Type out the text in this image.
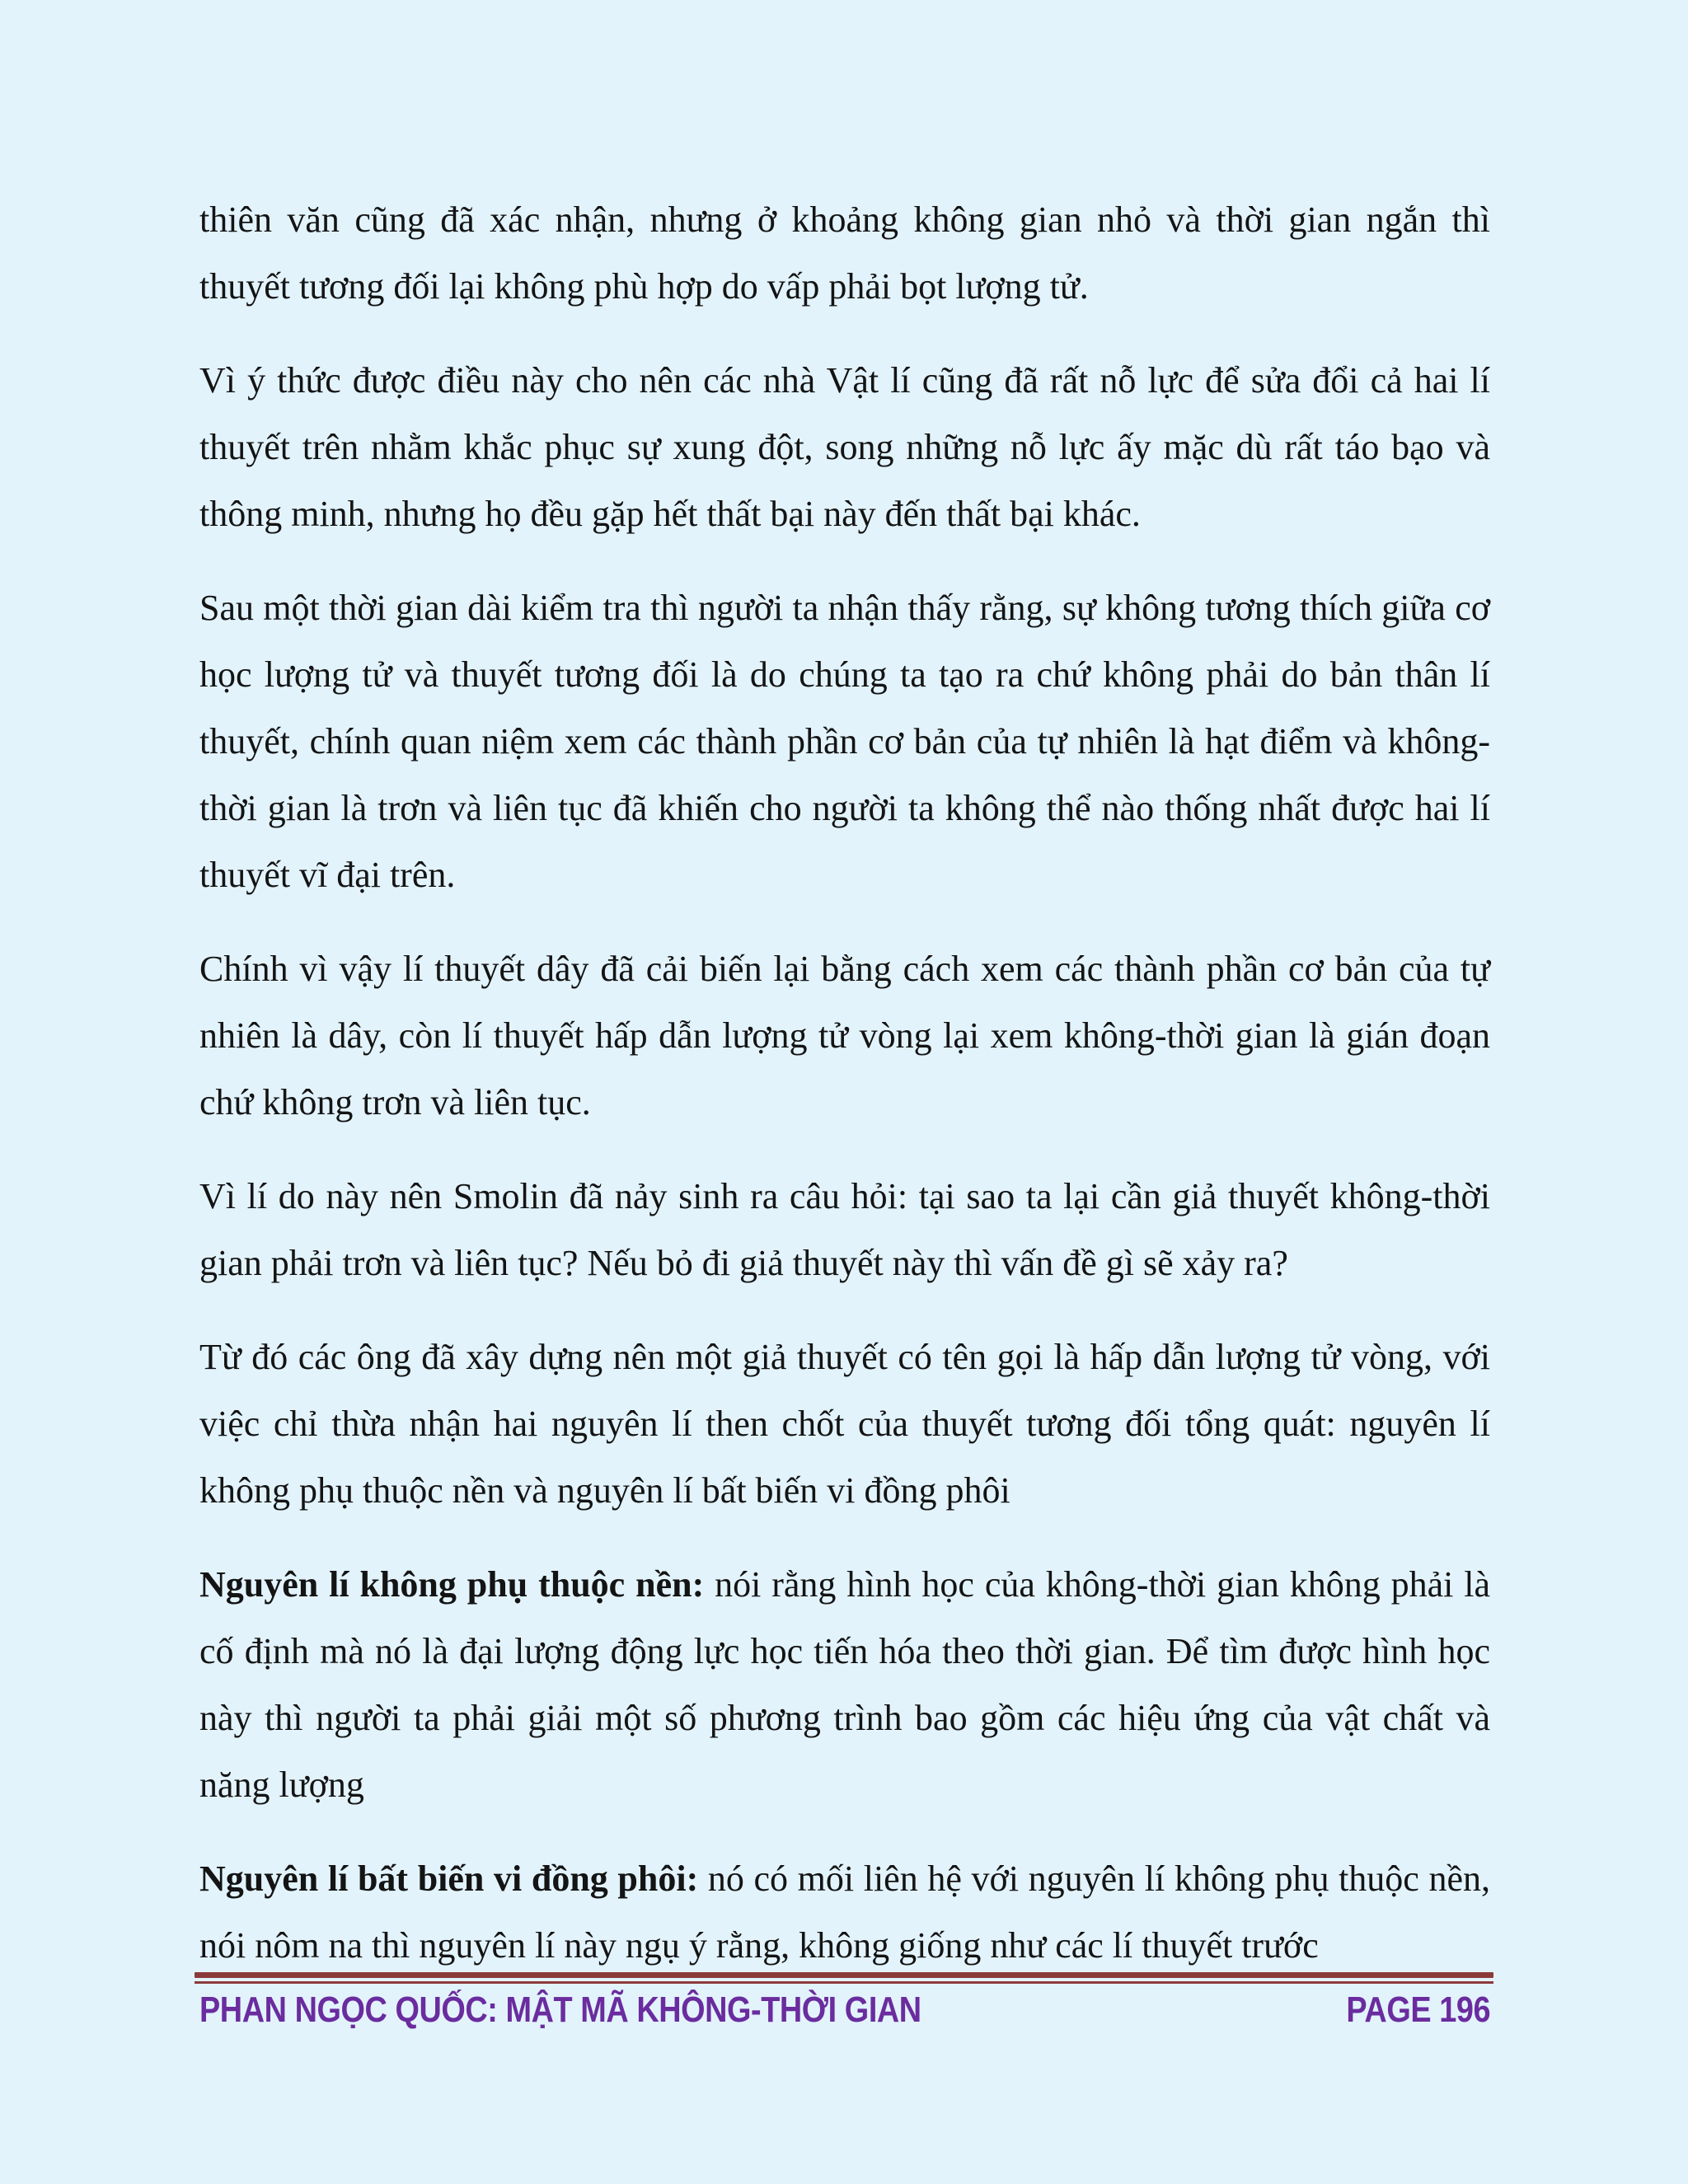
thiên văn cũng đã xác nhận, nhưng ở khoảng không gian nhỏ và thời gian ngắn thì thuyết tương đối lại không phù hợp do vấp phải bọt lượng tử.

Vì ý thức được điều này cho nên các nhà Vật lí cũng đã rất nỗ lực để sửa đổi cả hai lí thuyết trên nhằm khắc phục sự xung đột, song những nỗ lực ấy mặc dù rất táo bạo và thông minh, nhưng họ đều gặp hết thất bại này đến thất bại khác.

Sau một thời gian dài kiểm tra thì người ta nhận thấy rằng, sự không tương thích giữa cơ học lượng tử và thuyết tương đối là do chúng ta tạo ra chứ không phải do bản thân lí thuyết, chính quan niệm xem các thành phần cơ bản của tự nhiên là hạt điểm và không-thời gian là trơn và liên tục đã khiến cho người ta không thể nào thống nhất được hai lí thuyết vĩ đại trên.

Chính vì vậy lí thuyết dây đã cải biến lại bằng cách xem các thành phần cơ bản của tự nhiên là dây, còn lí thuyết hấp dẫn lượng tử vòng lại xem không-thời gian là gián đoạn chứ không trơn và liên tục.

Vì lí do này nên Smolin đã nảy sinh ra câu hỏi: tại sao ta lại cần giả thuyết không-thời gian phải trơn và liên tục? Nếu bỏ đi giả thuyết này thì vấn đề gì sẽ xảy ra?

Từ đó các ông đã xây dựng nên một giả thuyết có tên gọi là hấp dẫn lượng tử vòng, với việc chỉ thừa nhận hai nguyên lí then chốt của thuyết tương đối tổng quát: nguyên lí không phụ thuộc nền và nguyên lí bất biến vi đồng phôi

Nguyên lí không phụ thuộc nền: nói rằng hình học của không-thời gian không phải là cố định mà nó là đại lượng động lực học tiến hóa theo thời gian. Để tìm được hình học này thì người ta phải giải một số phương trình bao gồm các hiệu ứng của vật chất và năng lượng

Nguyên lí bất biến vi đồng phôi: nó có mối liên hệ với nguyên lí không phụ thuộc nền, nói nôm na thì nguyên lí này ngụ ý rằng, không giống như các lí thuyết trước

PHAN NGỌC QUỐC: MẬT MÃ KHÔNG-THỜI GIAN	PAGE 196
